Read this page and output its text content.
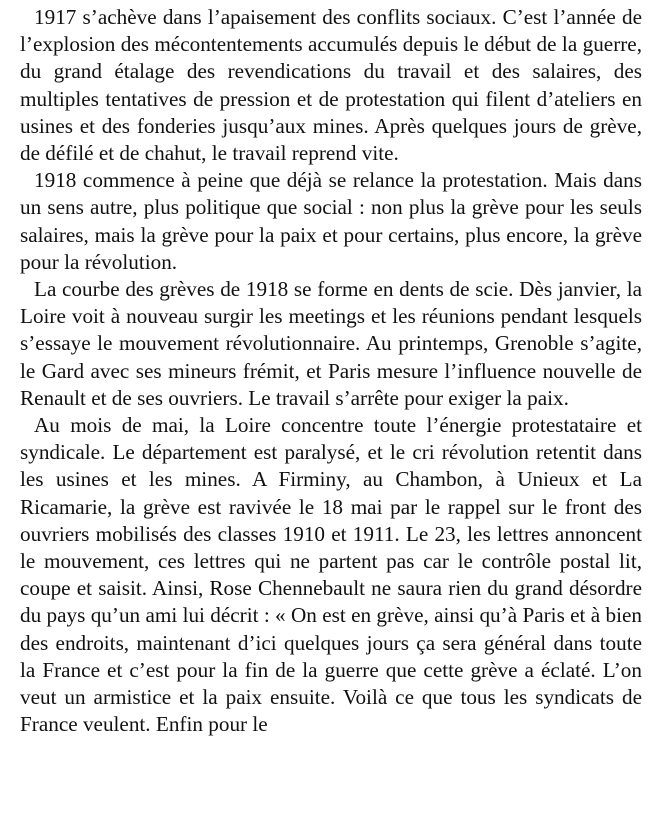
1917 s’achève dans l’apaisement des conflits sociaux. C’est l’année de l’explosion des mécontentements accumulés depuis le début de la guerre, du grand étalage des revendications du travail et des salaires, des multiples tentatives de pression et de protestation qui filent d’ateliers en usines et des fonderies jusqu’aux mines. Après quelques jours de grève, de défilé et de chahut, le travail reprend vite.

1918 commence à peine que déjà se relance la protestation. Mais dans un sens autre, plus politique que social : non plus la grève pour les seuls salaires, mais la grève pour la paix et pour certains, plus encore, la grève pour la révolution.

La courbe des grèves de 1918 se forme en dents de scie. Dès janvier, la Loire voit à nouveau surgir les meetings et les réunions pendant lesquels s’essaye le mouvement révolutionnaire. Au printemps, Grenoble s’agite, le Gard avec ses mineurs frémit, et Paris mesure l’influence nouvelle de Renault et de ses ouvriers. Le travail s’arrête pour exiger la paix.

Au mois de mai, la Loire concentre toute l’énergie protestataire et syndicale. Le département est paralysé, et le cri révolution retentit dans les usines et les mines. A Firminy, au Chambon, à Unieux et La Ricamarie, la grève est ravivée le 18 mai par le rappel sur le front des ouvriers mobilisés des classes 1910 et 1911. Le 23, les lettres annoncent le mouvement, ces lettres qui ne partent pas car le contrôle postal lit, coupe et saisit. Ainsi, Rose Chennebault ne saura rien du grand désordre du pays qu’un ami lui décrit : « On est en grève, ainsi qu’à Paris et à bien des endroits, maintenant d’ici quelques jours ça sera général dans toute la France et c’est pour la fin de la guerre que cette grève a éclaté. L’on veut un armistice et la paix ensuite. Voilà ce que tous les syndicats de France veulent. Enfin pour le
